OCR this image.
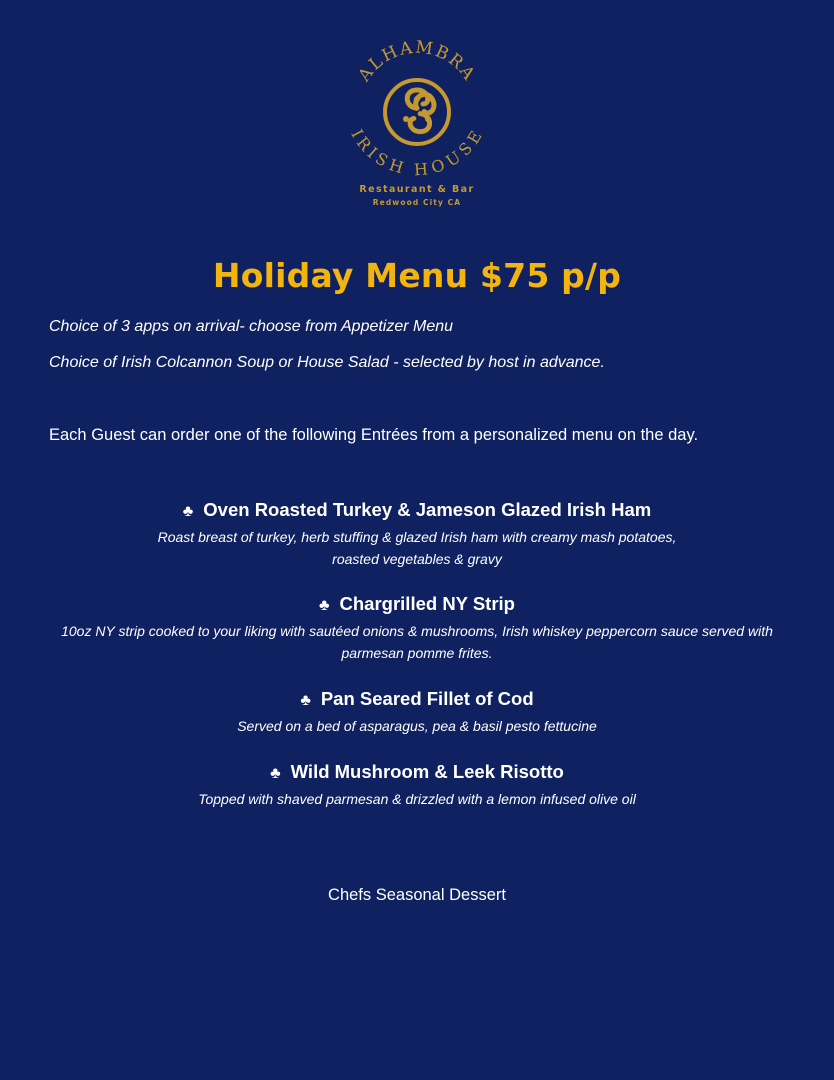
ALHAMBRA
IRISH HOUSE
Restaurant & Bar
Redwood City CA
Holiday Menu $75 p/p
Choice of 3 apps on arrival- choose from Appetizer Menu
Choice of Irish Colcannon Soup or House Salad - selected by host in advance.
Each Guest can order one of the following Entrées from a personalized menu on the day.
♣ Oven Roasted Turkey & Jameson Glazed Irish Ham
Roast breast of turkey, herb stuffing & glazed Irish ham with creamy mash potatoes, roasted vegetables & gravy
♣ Chargrilled NY Strip
10oz NY strip cooked to your liking with sautéed onions & mushrooms, Irish whiskey peppercorn sauce served with parmesan pomme frites.
♣ Pan Seared Fillet of Cod
Served on a bed of asparagus, pea & basil pesto fettucine
♣ Wild Mushroom & Leek Risotto
Topped with shaved parmesan & drizzled with a lemon infused olive oil
Chefs Seasonal Dessert
